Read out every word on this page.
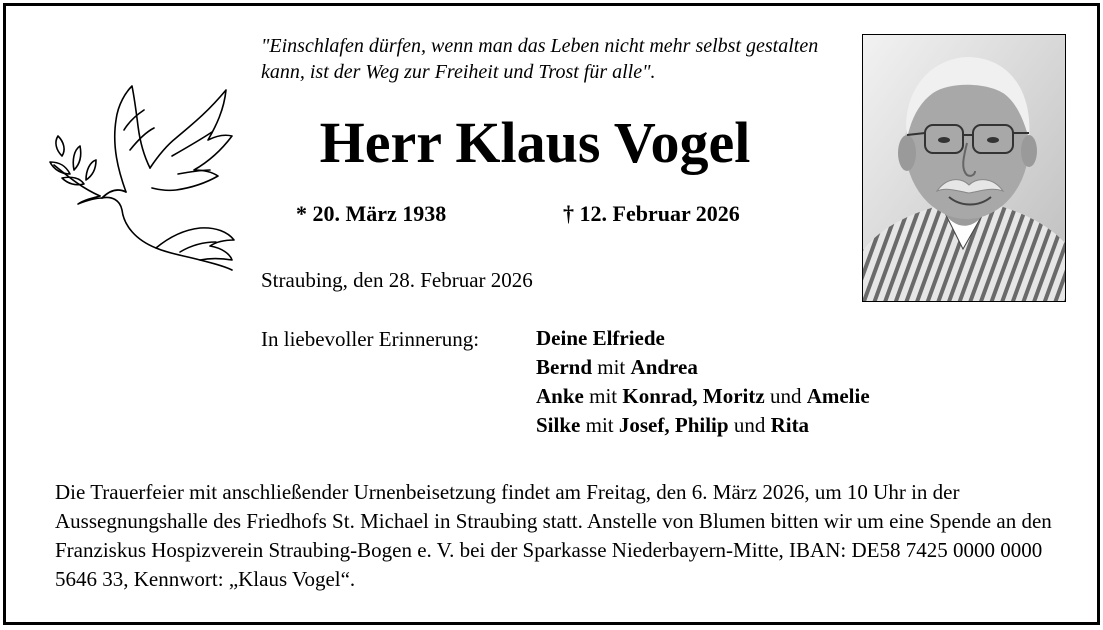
"Einschlafen dürfen, wenn man das Leben nicht mehr selbst gestalten kann, ist der Weg zur Freiheit und Trost für alle".
Herr Klaus Vogel
* 20. März 1938	† 12. Februar 2026
Straubing, den 28. Februar 2026
In liebevoller Erinnerung:	Deine Elfriede
Bernd mit Andrea
Anke mit Konrad, Moritz und Amelie
Silke mit Josef, Philip und Rita
Die Trauerfeier mit anschließender Urnenbeisetzung findet am Freitag, den 6. März 2026, um 10 Uhr in der Aussegnungshalle des Friedhofs St. Michael in Straubing statt. Anstelle von Blumen bitten wir um eine Spende an den Franziskus Hospizverein Straubing-Bogen e. V. bei der Sparkasse Niederbayern-Mitte, IBAN: DE58 7425 0000 0000 5646 33, Kennwort: „Klaus Vogel“.
